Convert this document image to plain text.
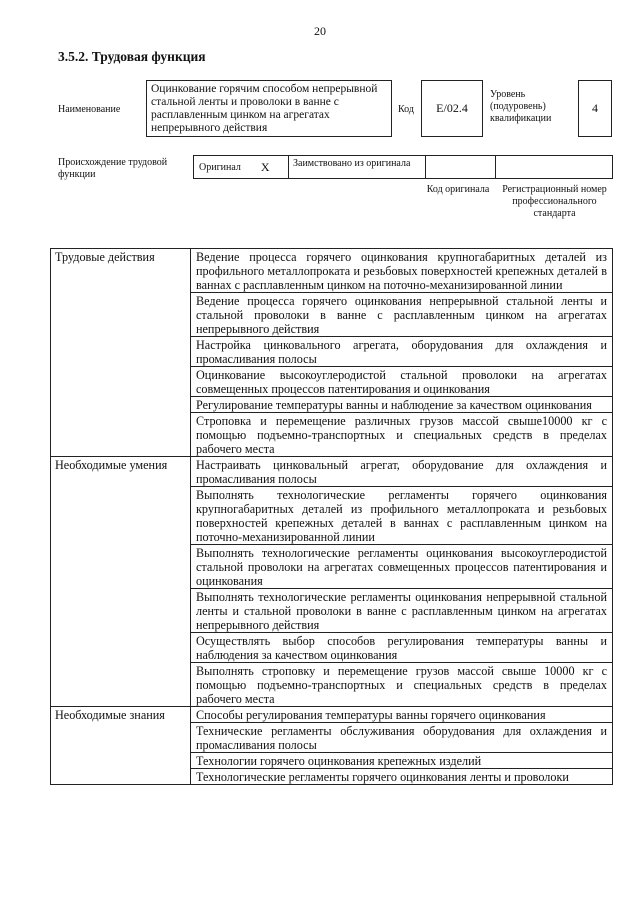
20
3.5.2. Трудовая функция
Наименование
Оцинкование горячим способом непрерывной стальной ленты и проволоки в ванне с расплавленным цинком на агрегатах непрерывного действия
Код	E/02.4
Уровень (подуровень) квалификации
4
Происхождение трудовой функции
Оригинал X	Заимствовано из оригинала
Код оригинала	Регистрационный номер профессионального стандарта
Трудовые действия	Ведение процесса горячего оцинкования крупногабаритных деталей из профильного металлопроката и резьбовых поверхностей крепежных деталей в ваннах с расплавленным цинком на поточно-механизированной линии
	Ведение процесса горячего оцинкования непрерывной стальной ленты и стальной проволоки в ванне с расплавленным цинком на агрегатах непрерывного действия
	Настройка цинковального агрегата, оборудования для охлаждения и промасливания полосы
	Оцинкование высокоуглеродистой стальной проволоки на агрегатах совмещенных процессов патентирования и оцинкования
	Регулирование температуры ванны и наблюдение за качеством оцинкования
	Строповка и перемещение различных грузов массой свыше10000 кг с помощью подъемно-транспортных и специальных средств в пределах рабочего места
Необходимые умения	Настраивать цинковальный агрегат, оборудование для охлаждения и промасливания полосы
	Выполнять технологические регламенты горячего оцинкования крупногабаритных деталей из профильного металлопроката и резьбовых поверхностей крепежных деталей в ваннах с расплавленным цинком на поточно-механизированной линии
	Выполнять технологические регламенты оцинкования высокоуглеродистой стальной проволоки на агрегатах совмещенных процессов патентирования и оцинкования
	Выполнять технологические регламенты оцинкования непрерывной стальной ленты и стальной проволоки в ванне с расплавленным цинком на агрегатах непрерывного действия
	Осуществлять выбор способов регулирования температуры ванны и наблюдения за качеством оцинкования
	Выполнять строповку и перемещение грузов массой свыше 10000 кг с помощью подъемно-транспортных и специальных средств в пределах рабочего места
Необходимые знания	Способы регулирования температуры ванны горячего оцинкования
	Технические регламенты обслуживания оборудования для охлаждения и промасливания полосы
	Технологии горячего оцинкования крепежных изделий
	Технологические регламенты горячего оцинкования ленты и проволоки
